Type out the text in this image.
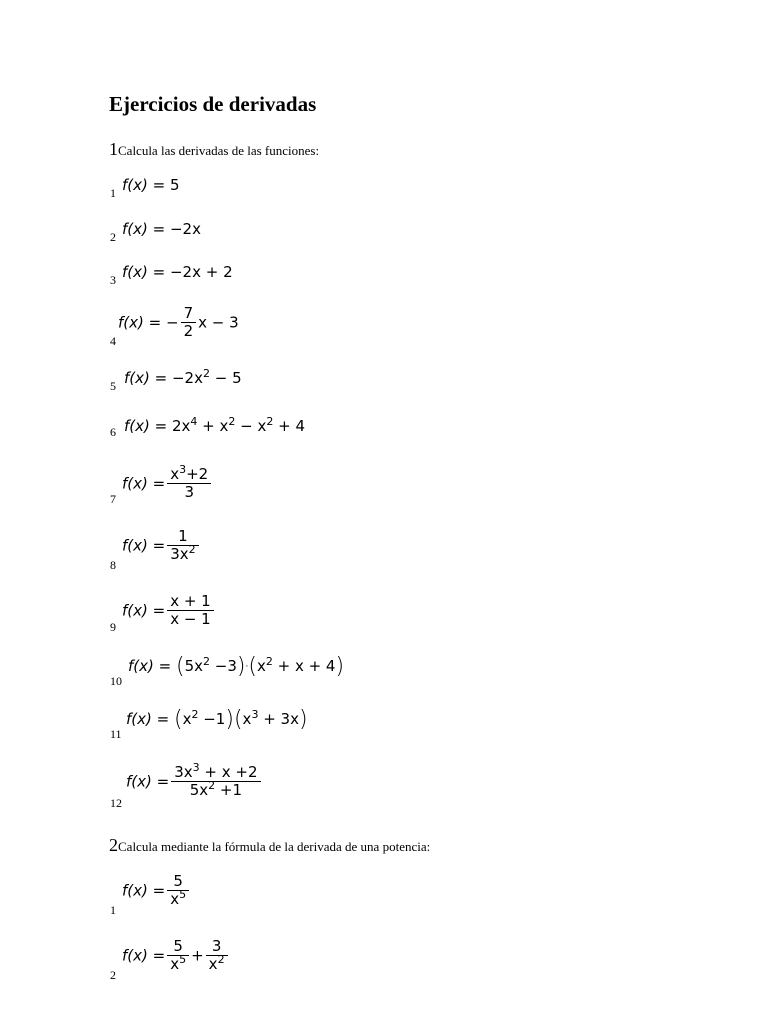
Ejercicios de derivadas
1Calcula las derivadas de las funciones:
1 f(x) = 5
2 f(x) = −2x
3 f(x) = −2x + 2
4
f(x) = − $\frac{7}{2}$ x − 3
5 $f(x) = -2x^2 - 5$
6 $f(x) = 2x^4 + x^2 - x^2 + 4$
7
$f(x) = \frac{x^3+2}{3}$
8
$f(x) = \frac{1}{3x^2}$
9
$f(x) = \frac{x + 1}{x - 1}$
10
$f(x) = (5x^2 -3)\cdot(x^2 + x + 4)$
11
$f(x) = (x^2 -1)(x^3 + 3x)$
12
$f(x) = \frac{3x^3 + x +2}{5x^2 +1}$
2Calcula mediante la fórmula de la derivada de una potencia:
1
$f(x) = \frac{5}{x^5}$
2
$f(x) = \frac{5}{x^5} + \frac{3}{x^2}$
